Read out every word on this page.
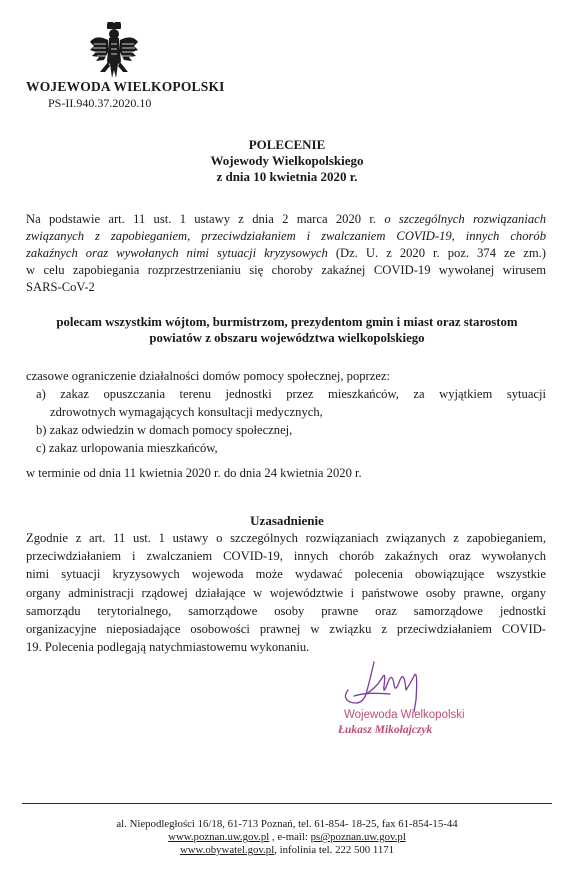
WOJEWODA WIELKOPOLSKI
PS-II.940.37.2020.10
POLECENIE
Wojewody Wielkopolskiego
z dnia 10 kwietnia 2020 r.
Na podstawie art. 11 ust. 1 ustawy z dnia 2 marca 2020 r. o szczególnych rozwiązaniach
związanych z zapobieganiem, przeciwdziałaniem i zwalczaniem COVID-19, innych chorób
zakaźnych oraz wywołanych nimi sytuacji kryzysowych (Dz. U. z 2020 r. poz. 374 ze zm.)
w celu zapobiegania rozprzestrzenianiu się choroby zakaźnej COVID-19 wywołanej wirusem
SARS-CoV-2
polecam wszystkim wójtom, burmistrzom, prezydentom gmin i miast oraz starostom
powiatów z obszaru województwa wielkopolskiego
czasowe ograniczenie działalności domów pomocy społecznej, poprzez:
a) zakaz opuszczania terenu jednostki przez mieszkańców, za wyjątkiem sytuacji
zdrowotnych wymagających konsultacji medycznych,
b) zakaz odwiedzin w domach pomocy społecznej,
c) zakaz urlopowania mieszkańców,
w terminie od dnia 11 kwietnia 2020 r. do dnia 24 kwietnia 2020 r.
Uzasadnienie
Zgodnie z art. 11 ust. 1 ustawy o szczególnych rozwiązaniach związanych z zapobieganiem,
przeciwdziałaniem i zwalczaniem COVID-19, innych chorób zakaźnych oraz wywołanych
nimi sytuacji kryzysowych wojewoda może wydawać polecenia obowiązujące wszystkie
organy administracji rządowej działające w województwie i państwowe osoby prawne, organy
samorządu terytorialnego, samorządowe osoby prawne oraz samorządowe jednostki
organizacyjne nieposiadające osobowości prawnej w związku z przeciwdziałaniem COVID-
19. Polecenia podlegają natychmiastowemu wykonaniu.
Wojewoda Wielkopolski
Łukasz Mikołajczyk
al. Niepodległości 16/18, 61-713 Poznań, tel. 61-854- 18-25, fax 61-854-15-44
www.poznan.uw.gov.pl , e-mail: ps@poznan.uw.gov.pl
www.obywatel.gov.pl, infolinia tel. 222 500 1171
